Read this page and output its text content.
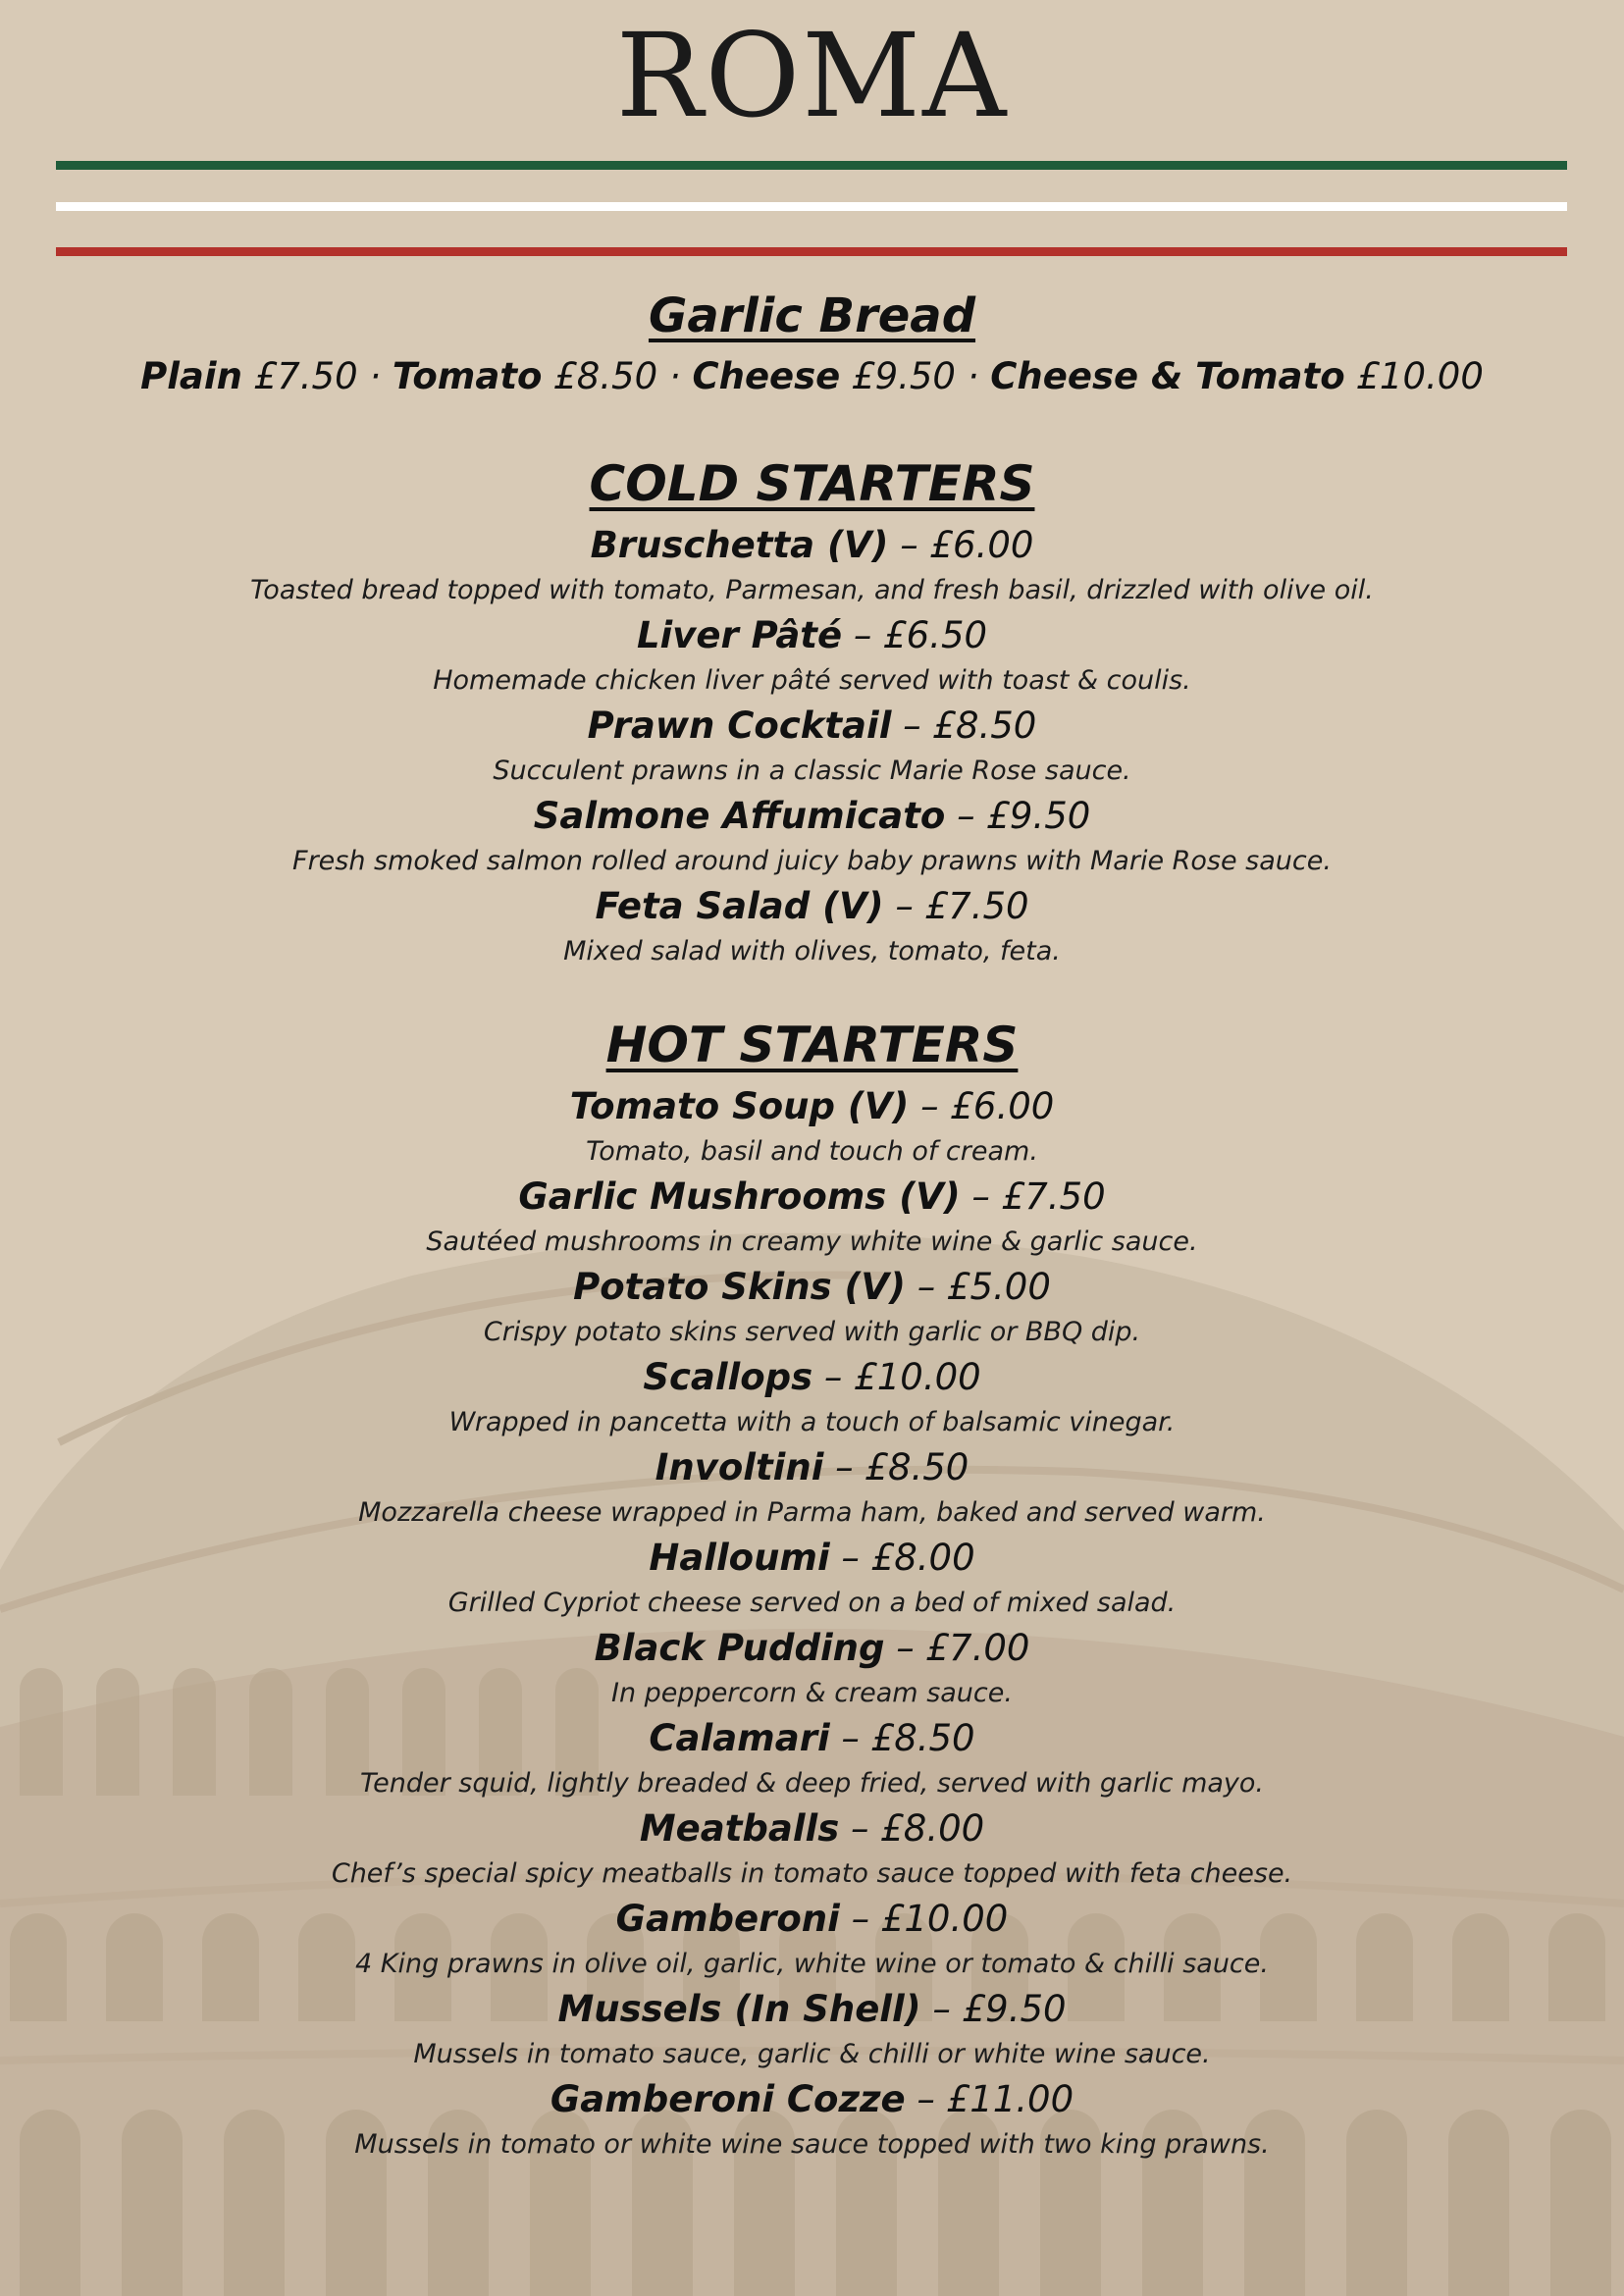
ROMA
Garlic Bread
Plain £7.50 · Tomato £8.50 · Cheese £9.50 · Cheese & Tomato £10.00
COLD STARTERS
Bruschetta (V) – £6.00
Toasted bread topped with tomato, Parmesan, and fresh basil, drizzled with olive oil.
Liver Pâté – £6.50
Homemade chicken liver pâté served with toast & coulis.
Prawn Cocktail – £8.50
Succulent prawns in a classic Marie Rose sauce.
Salmone Affumicato – £9.50
Fresh smoked salmon rolled around juicy baby prawns with Marie Rose sauce.
Feta Salad (V) – £7.50
Mixed salad with olives, tomato, feta.
HOT STARTERS
Tomato Soup (V) – £6.00
Tomato, basil and touch of cream.
Garlic Mushrooms (V) – £7.50
Sautéed mushrooms in creamy white wine & garlic sauce.
Potato Skins (V) – £5.00
Crispy potato skins served with garlic or BBQ dip.
Scallops – £10.00
Wrapped in pancetta with a touch of balsamic vinegar.
Involtini – £8.50
Mozzarella cheese wrapped in Parma ham, baked and served warm.
Halloumi – £8.00
Grilled Cypriot cheese served on a bed of mixed salad.
Black Pudding – £7.00
In peppercorn & cream sauce.
Calamari – £8.50
Tender squid, lightly breaded & deep fried, served with garlic mayo.
Meatballs – £8.00
Chef’s special spicy meatballs in tomato sauce topped with feta cheese.
Gamberoni – £10.00
4 King prawns in olive oil, garlic, white wine or tomato & chilli sauce.
Mussels (In Shell) – £9.50
Mussels in tomato sauce, garlic & chilli or white wine sauce.
Gamberoni Cozze – £11.00
Mussels in tomato or white wine sauce topped with two king prawns.
